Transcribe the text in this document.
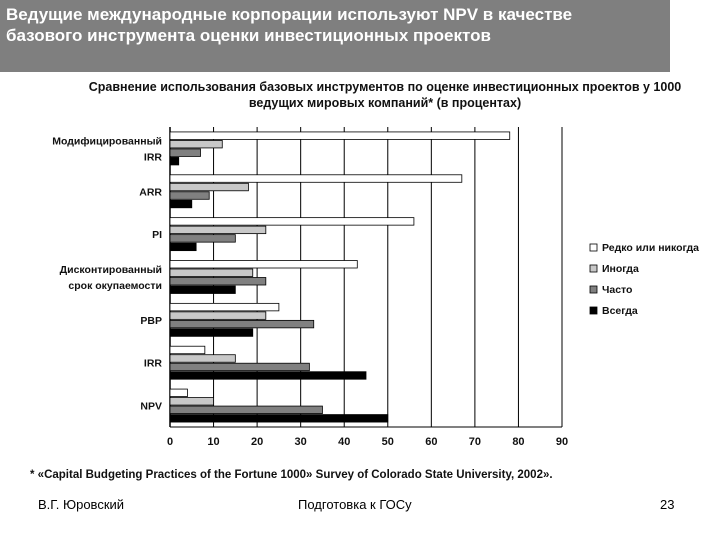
Ведущие международные корпорации используют NPV в качестве базового инструмента оценки инвестиционных проектов

Сравнение использования базовых инструментов по оценке инвестиционных проектов у 1000 ведущих мировых компаний* (в процентах)
0	10	20	30	40	50	60	70	80	90
Модифицированный
IRR
ARR
PI
Дисконтированный
срок окупаемости
PBP
IRR
NPV
Редко или никогда
Иногда
Часто
Всегда
* «Capital Budgeting Practices of the Fortune 1000» Survey of Colorado State University, 2002».
В.Г. Юровский	Подготовка к ГОСу	23
